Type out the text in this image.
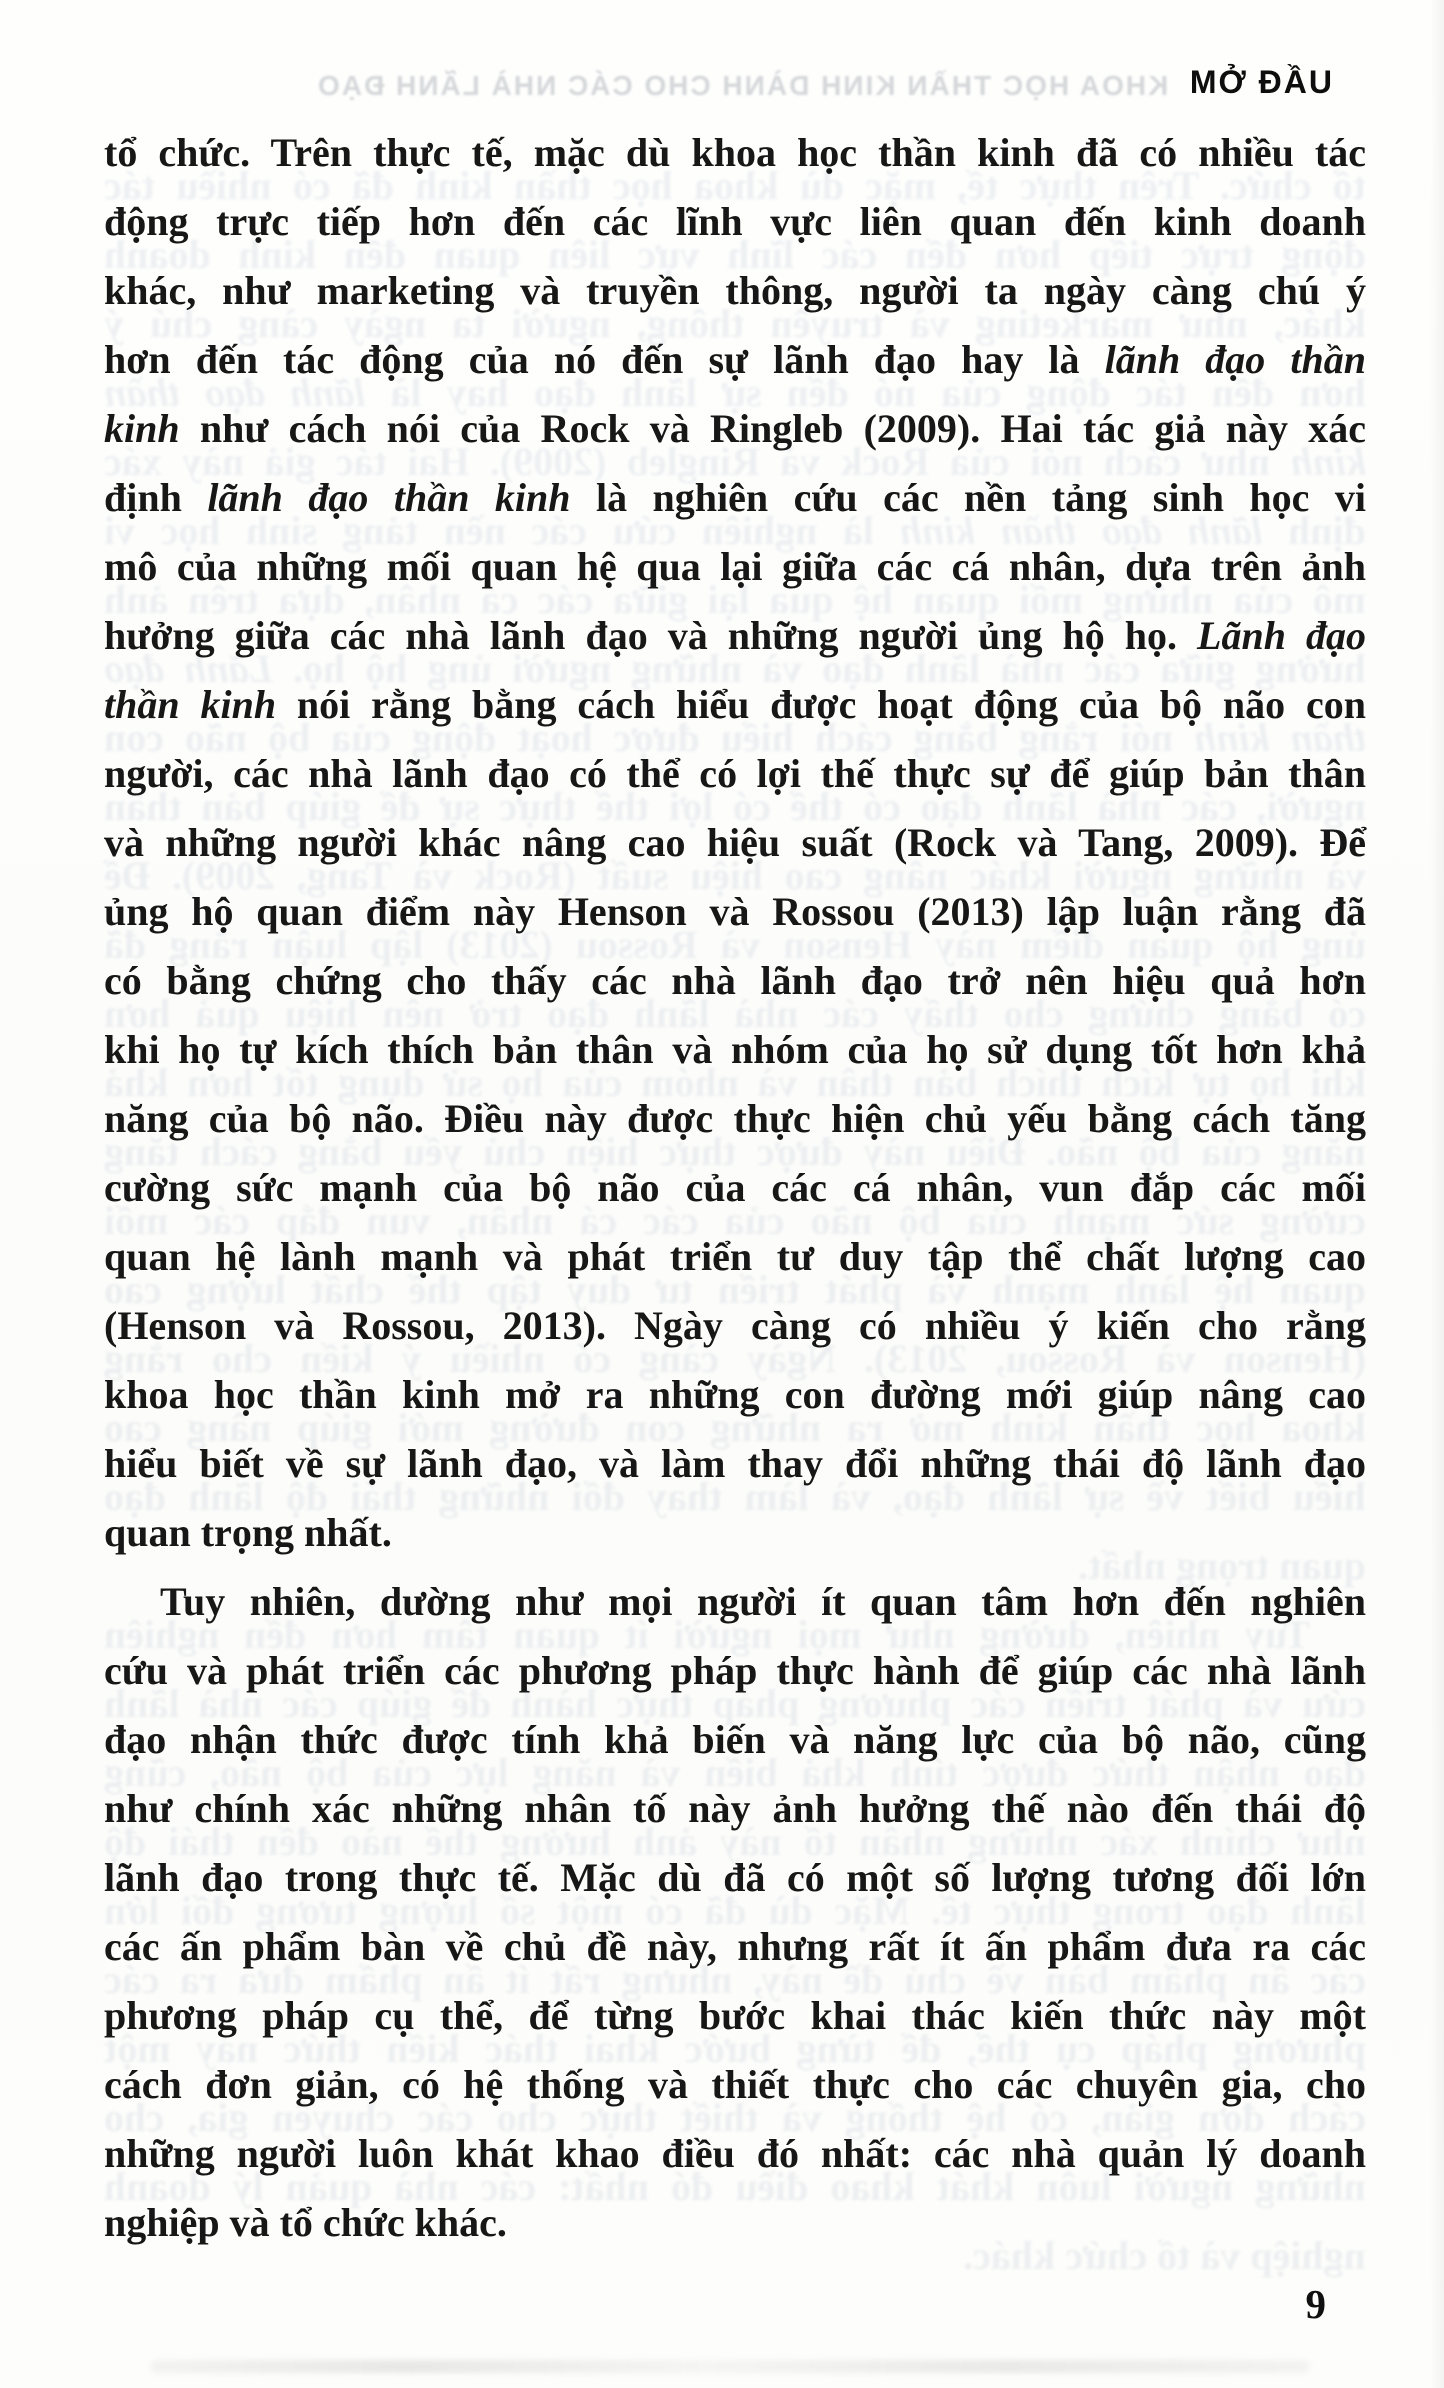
KHOA HỌC THẦN KINH DÀNH CHO CÁC NHÀ LÃNH ĐẠO MỞ ĐẦU
tổ chức. Trên thực tế, mặc dù khoa học thần kinh đã có nhiều tác
động trực tiếp hơn đến các lĩnh vực liên quan đến kinh doanh
khác, như marketing và truyền thông, người ta ngày càng chú ý
hơn đến tác động của nó đến sự lãnh đạo hay là lãnh đạo thần
kinh như cách nói của Rock và Ringleb (2009). Hai tác giả này xác
định lãnh đạo thần kinh là nghiên cứu các nền tảng sinh học vi
mô của những mối quan hệ qua lại giữa các cá nhân, dựa trên ảnh
hưởng giữa các nhà lãnh đạo và những người ủng hộ họ. Lãnh đạo
thần kinh nói rằng bằng cách hiểu được hoạt động của bộ não con
người, các nhà lãnh đạo có thể có lợi thế thực sự để giúp bản thân
và những người khác nâng cao hiệu suất (Rock và Tang, 2009). Để
ủng hộ quan điểm này Henson và Rossou (2013) lập luận rằng đã
có bằng chứng cho thấy các nhà lãnh đạo trở nên hiệu quả hơn
khi họ tự kích thích bản thân và nhóm của họ sử dụng tốt hơn khả
năng của bộ não. Điều này được thực hiện chủ yếu bằng cách tăng
cường sức mạnh của bộ não của các cá nhân, vun đắp các mối
quan hệ lành mạnh và phát triển tư duy tập thể chất lượng cao
(Henson và Rossou, 2013). Ngày càng có nhiều ý kiến cho rằng
khoa học thần kinh mở ra những con đường mới giúp nâng cao
hiểu biết về sự lãnh đạo, và làm thay đổi những thái độ lãnh đạo
quan trọng nhất.
Tuy nhiên, dường như mọi người ít quan tâm hơn đến nghiên
cứu và phát triển các phương pháp thực hành để giúp các nhà lãnh
đạo nhận thức được tính khả biến và năng lực của bộ não, cũng
như chính xác những nhân tố này ảnh hưởng thế nào đến thái độ
lãnh đạo trong thực tế. Mặc dù đã có một số lượng tương đối lớn
các ấn phẩm bàn về chủ đề này, nhưng rất ít ấn phẩm đưa ra các
phương pháp cụ thể, để từng bước khai thác kiến thức này một
cách đơn giản, có hệ thống và thiết thực cho các chuyên gia, cho
những người luôn khát khao điều đó nhất: các nhà quản lý doanh
nghiệp và tổ chức khác.
tổ chức. Trên thực tế, mặc dù khoa học thần kinh đã có nhiều tác
động trực tiếp hơn đến các lĩnh vực liên quan đến kinh doanh
khác, như marketing và truyền thông, người ta ngày càng chú ý
hơn đến tác động của nó đến sự lãnh đạo hay là lãnh đạo thần
kinh như cách nói của Rock và Ringleb (2009). Hai tác giả này xác
định lãnh đạo thần kinh là nghiên cứu các nền tảng sinh học vi
mô của những mối quan hệ qua lại giữa các cá nhân, dựa trên ảnh
hưởng giữa các nhà lãnh đạo và những người ủng hộ họ. Lãnh đạo
thần kinh nói rằng bằng cách hiểu được hoạt động của bộ não con
người, các nhà lãnh đạo có thể có lợi thế thực sự để giúp bản thân
và những người khác nâng cao hiệu suất (Rock và Tang, 2009). Để
ủng hộ quan điểm này Henson và Rossou (2013) lập luận rằng đã
có bằng chứng cho thấy các nhà lãnh đạo trở nên hiệu quả hơn
khi họ tự kích thích bản thân và nhóm của họ sử dụng tốt hơn khả
năng của bộ não. Điều này được thực hiện chủ yếu bằng cách tăng
cường sức mạnh của bộ não của các cá nhân, vun đắp các mối
quan hệ lành mạnh và phát triển tư duy tập thể chất lượng cao
(Henson và Rossou, 2013). Ngày càng có nhiều ý kiến cho rằng
khoa học thần kinh mở ra những con đường mới giúp nâng cao
hiểu biết về sự lãnh đạo, và làm thay đổi những thái độ lãnh đạo
quan trọng nhất.
Tuy nhiên, dường như mọi người ít quan tâm hơn đến nghiên
cứu và phát triển các phương pháp thực hành để giúp các nhà lãnh
đạo nhận thức được tính khả biến và năng lực của bộ não, cũng
như chính xác những nhân tố này ảnh hưởng thế nào đến thái độ
lãnh đạo trong thực tế. Mặc dù đã có một số lượng tương đối lớn
các ấn phẩm bàn về chủ đề này, nhưng rất ít ấn phẩm đưa ra các
phương pháp cụ thể, để từng bước khai thác kiến thức này một
cách đơn giản, có hệ thống và thiết thực cho các chuyên gia, cho
những người luôn khát khao điều đó nhất: các nhà quản lý doanh
nghiệp và tổ chức khác.
9
